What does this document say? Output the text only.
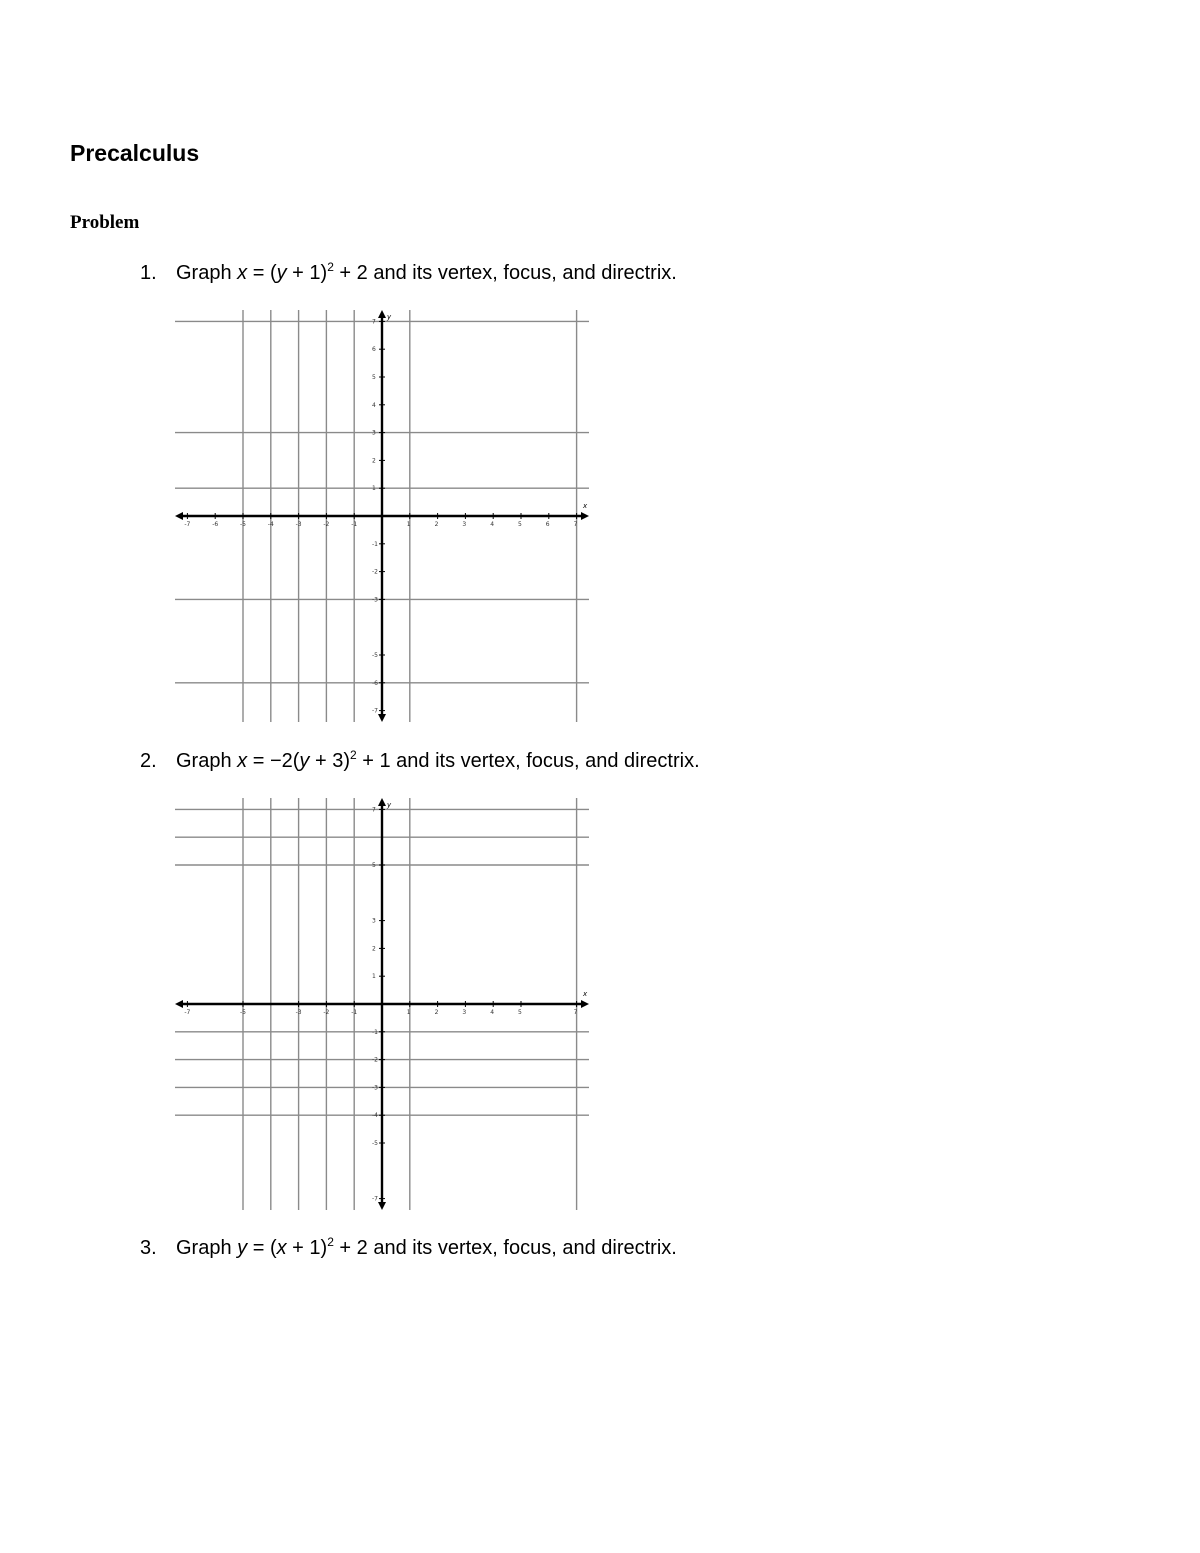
Precalculus
Problem
1. Graph $x = (y + 1)^2 + 2$ and its vertex, focus, and directrix.
-7	-6	-5	-4	-3	-2	-1	1	2	3	4	5	6	7
7
6
5
4
3
2
1
-1
-2
-3
-5
-6
-7
x
y
2. Graph $x = -2(y + 3)^2 + 1$ and its vertex, focus, and directrix.
-7	-5	-3	-2	-1	1	2	3	4	5	7
7
5
3
2
1
-1
-2
-3
-4
-5
-7
x
y
3. Graph $y = (x + 1)^2 + 2$ and its vertex, focus, and directrix.
